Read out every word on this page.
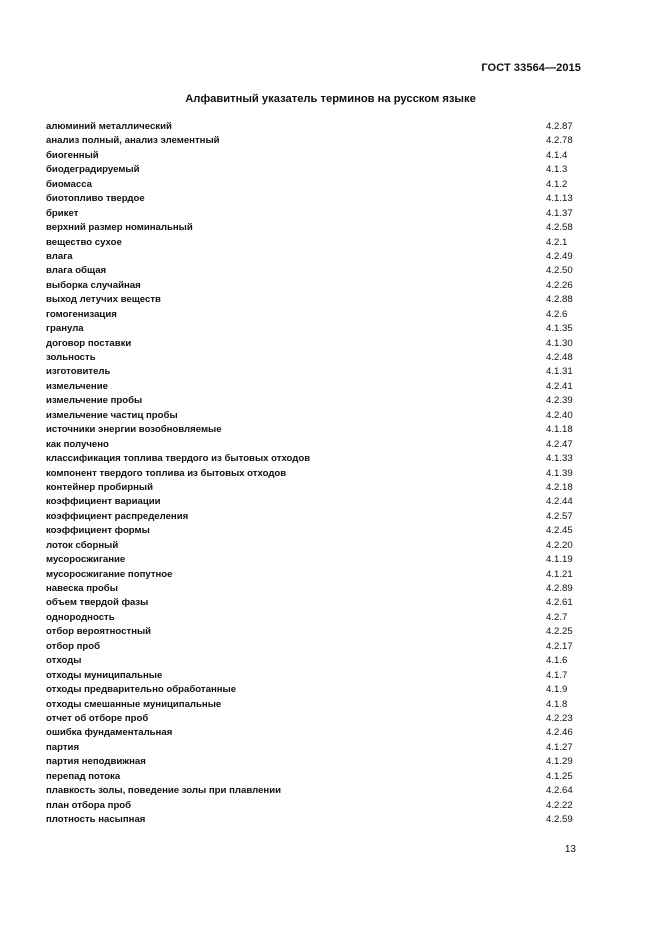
ГОСТ 33564—2015
Алфавитный указатель терминов на русском языке
алюминий металлический	4.2.87
анализ полный, анализ элементный	4.2.78
биогенный	4.1.4
биодеградируемый	4.1.3
биомасса	4.1.2
биотопливо твердое	4.1.13
брикет	4.1.37
верхний размер номинальный	4.2.58
вещество сухое	4.2.1
влага	4.2.49
влага общая	4.2.50
выборка случайная	4.2.26
выход летучих веществ	4.2.88
гомогенизация	4.2.6
гранула	4.1.35
договор поставки	4.1.30
зольность	4.2.48
изготовитель	4.1.31
измельчение	4.2.41
измельчение пробы	4.2.39
измельчение частиц пробы	4.2.40
источники энергии возобновляемые	4.1.18
как получено	4.2.47
классификация топлива твердого из бытовых отходов	4.1.33
компонент твердого топлива из бытовых отходов	4.1.39
контейнер пробирный	4.2.18
коэффициент вариации	4.2.44
коэффициент распределения	4.2.57
коэффициент формы	4.2.45
лоток сборный	4.2.20
мусоросжигание	4.1.19
мусоросжигание попутное	4.1.21
навеска пробы	4.2.89
объем твердой фазы	4.2.61
однородность	4.2.7
отбор вероятностный	4.2.25
отбор проб	4.2.17
отходы	4.1.6
отходы муниципальные	4.1.7
отходы предварительно обработанные	4.1.9
отходы смешанные муниципальные	4.1.8
отчет об отборе проб	4.2.23
ошибка фундаментальная	4.2.46
партия	4.1.27
партия неподвижная	4.1.29
перепад потока	4.1.25
плавкость золы, поведение золы при плавлении	4.2.64
план отбора проб	4.2.22
плотность насыпная	4.2.59
13
